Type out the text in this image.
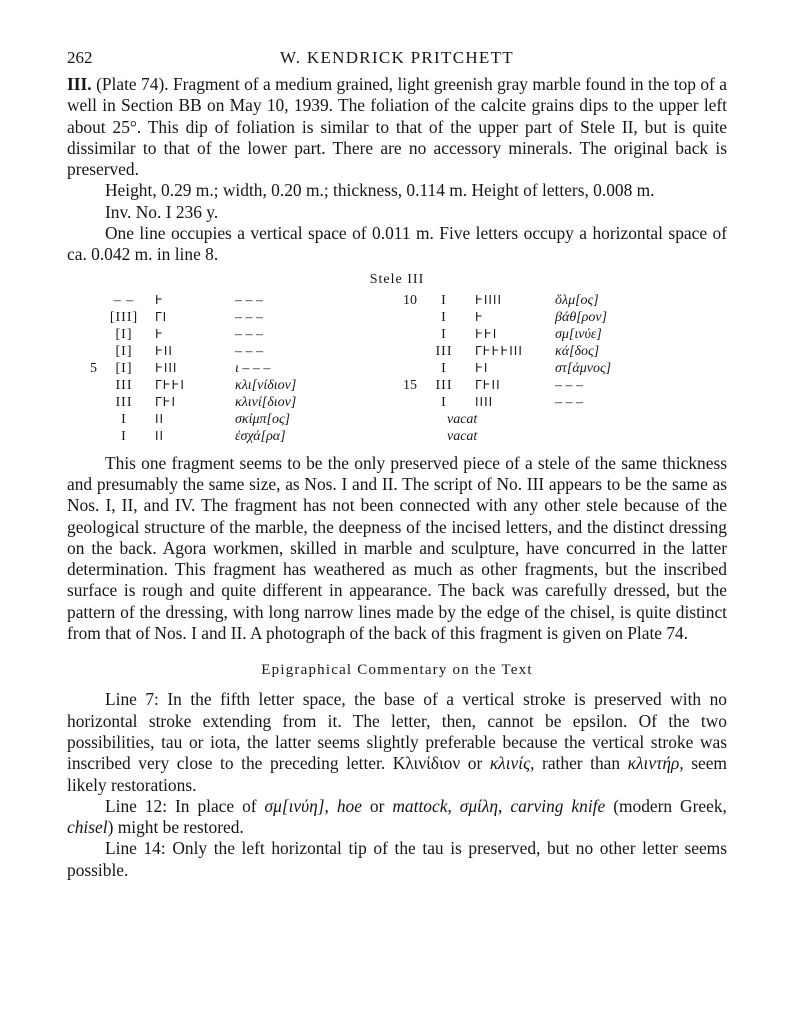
262	W. KENDRICK PRITCHETT

III. (Plate 74). Fragment of a medium grained, light greenish gray marble found in the top of a well in Section BB on May 10, 1939. The foliation of the calcite grains dips to the upper left about 25°. This dip of foliation is similar to that of the upper part of Stele II, but is quite dissimilar to that of the lower part. There are no accessory minerals. The original back is preserved.

Height, 0.29 m.; width, 0.20 m.; thickness, 0.114 m. Height of letters, 0.008 m.

Inv. No. I 236 y.

One line occupies a vertical space of 0.011 m. Five letters occupy a horizontal space of ca. 0.042 m. in line 8.

Stele III
– –	Ⱶ	– – –
[III]	ΓΙ	– – –
[I]	Ⱶ	– – –
[I]	ⱵΙΙ	– – –
5	[I]	ⱵΙΙΙ	ι – – –
III	ΓⱵⱵΙ	κλι[νίδιον]
III	ΓⱵΙ	κλινί[διον]
I	ΙΙ	σκίμπ[ος]
I	ΙΙ	ἐσχά[ρα]
10	I	ⱵΙΙΙΙ	ὅλμ[ος]
I	Ⱶ	βάθ[ρον]
I	ⱵⱵΙ	σμ[ινύε]
III	ΓⱵⱵⱵΙΙΙ	κά[δος]
I	ⱵΙ	στ[άμνος]
15	III	ΓⱵΙΙ	– – –
I	ΙΙΙΙ	– – –
vacat
vacat

This one fragment seems to be the only preserved piece of a stele of the same thickness and presumably the same size, as Nos. I and II. The script of No. III appears to be the same as Nos. I, II, and IV. The fragment has not been connected with any other stele because of the geological structure of the marble, the deepness of the incised letters, and the distinct dressing on the back. Agora workmen, skilled in marble and sculpture, have concurred in the latter determination. This fragment has weathered as much as other fragments, but the inscribed surface is rough and quite different in appearance. The back was carefully dressed, but the pattern of the dressing, with long narrow lines made by the edge of the chisel, is quite distinct from that of Nos. I and II. A photograph of the back of this fragment is given on Plate 74.

Epigraphical Commentary on the Text

Line 7: In the fifth letter space, the base of a vertical stroke is preserved with no horizontal stroke extending from it. The letter, then, cannot be epsilon. Of the two possibilities, tau or iota, the latter seems slightly preferable because the vertical stroke was inscribed very close to the preceding letter. Κλινίδιον or κλινίς, rather than κλιντήρ, seem likely restorations.

Line 12: In place of σμ[ινύη], hoe or mattock, σμίλη, carving knife (modern Greek, chisel) might be restored.

Line 14: Only the left horizontal tip of the tau is preserved, but no other letter seems possible.
